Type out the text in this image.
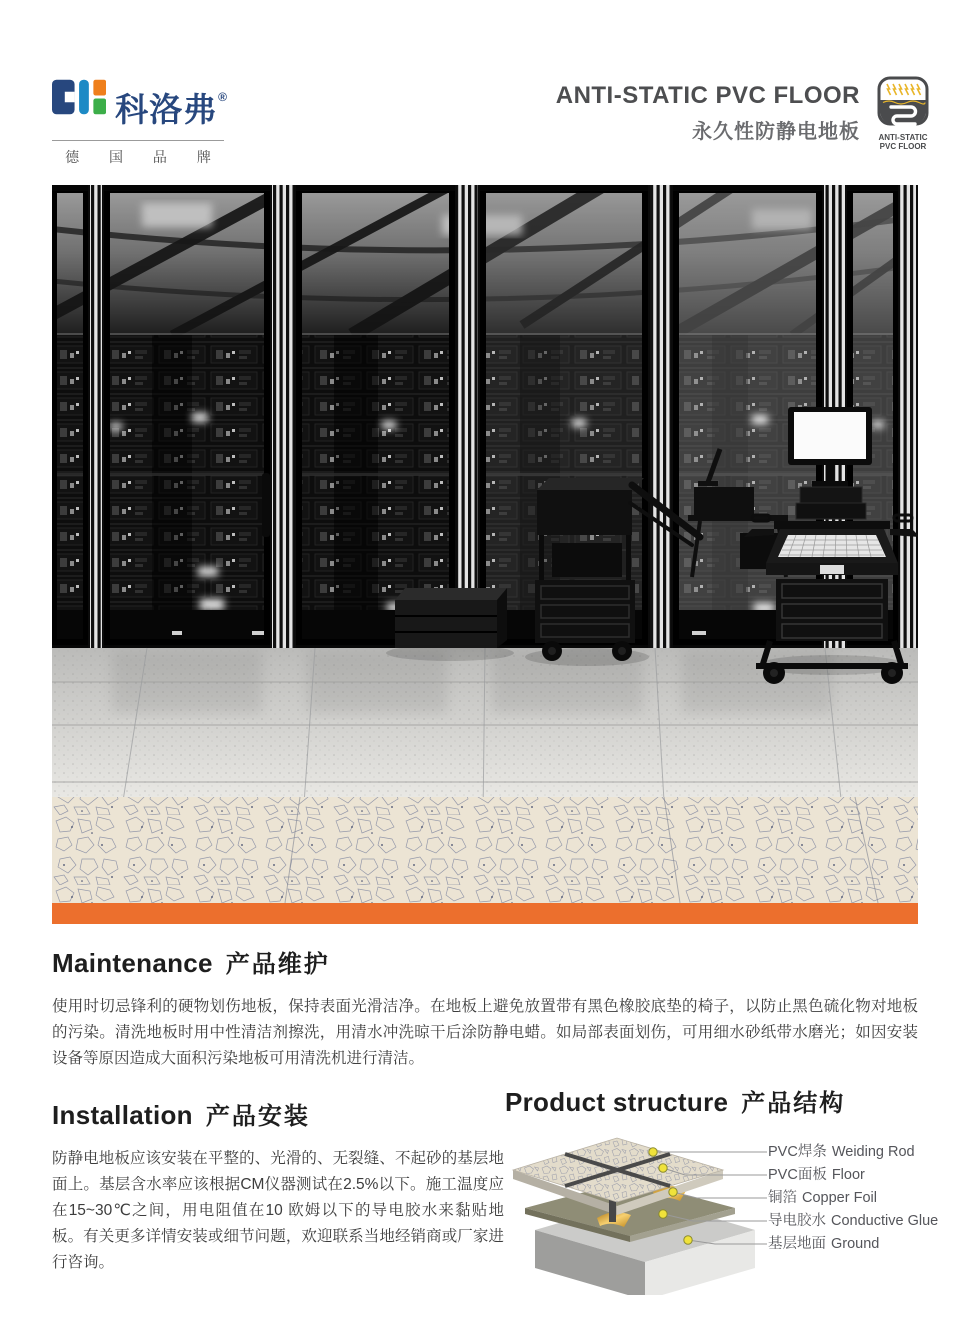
科洛弗®
德 国 品 牌
ANTI-STATIC PVC FLOOR
永久性防静电地板	ANTI-STATIC
PVC FLOOR
Maintenance 产品维护

使用时切忌锋利的硬物划伤地板，保持表面光滑洁净。在地板上避免放置带有黑色橡胶底垫的椅子，以防止黑色硫化物对地板的污染。清洗地板时用中性清洁剂擦洗，用清水冲洗晾干后涂防静电蜡。如局部表面划伤，可用细水砂纸带水磨光；如因安装设备等原因造成大面积污染地板可用清洗机进行清洁。

Installation 产品安装

防静电地板应该安装在平整的、光滑的、无裂缝、不起砂的基层地面上。基层含水率应该根据CM仪器测试在2.5%以下。施工温度应在15~30℃之间，用电阻值在10 欧姆以下的导电胶水来黏贴地板。有关更多详情安装或细节问题，欢迎联系当地经销商或厂家进行咨询。

Product structure 产品结构
PVC焊条 Weiding Rod
PVC面板 Floor
铜箔 Copper Foil
导电胶水 Conductive Glue
基层地面 Ground
